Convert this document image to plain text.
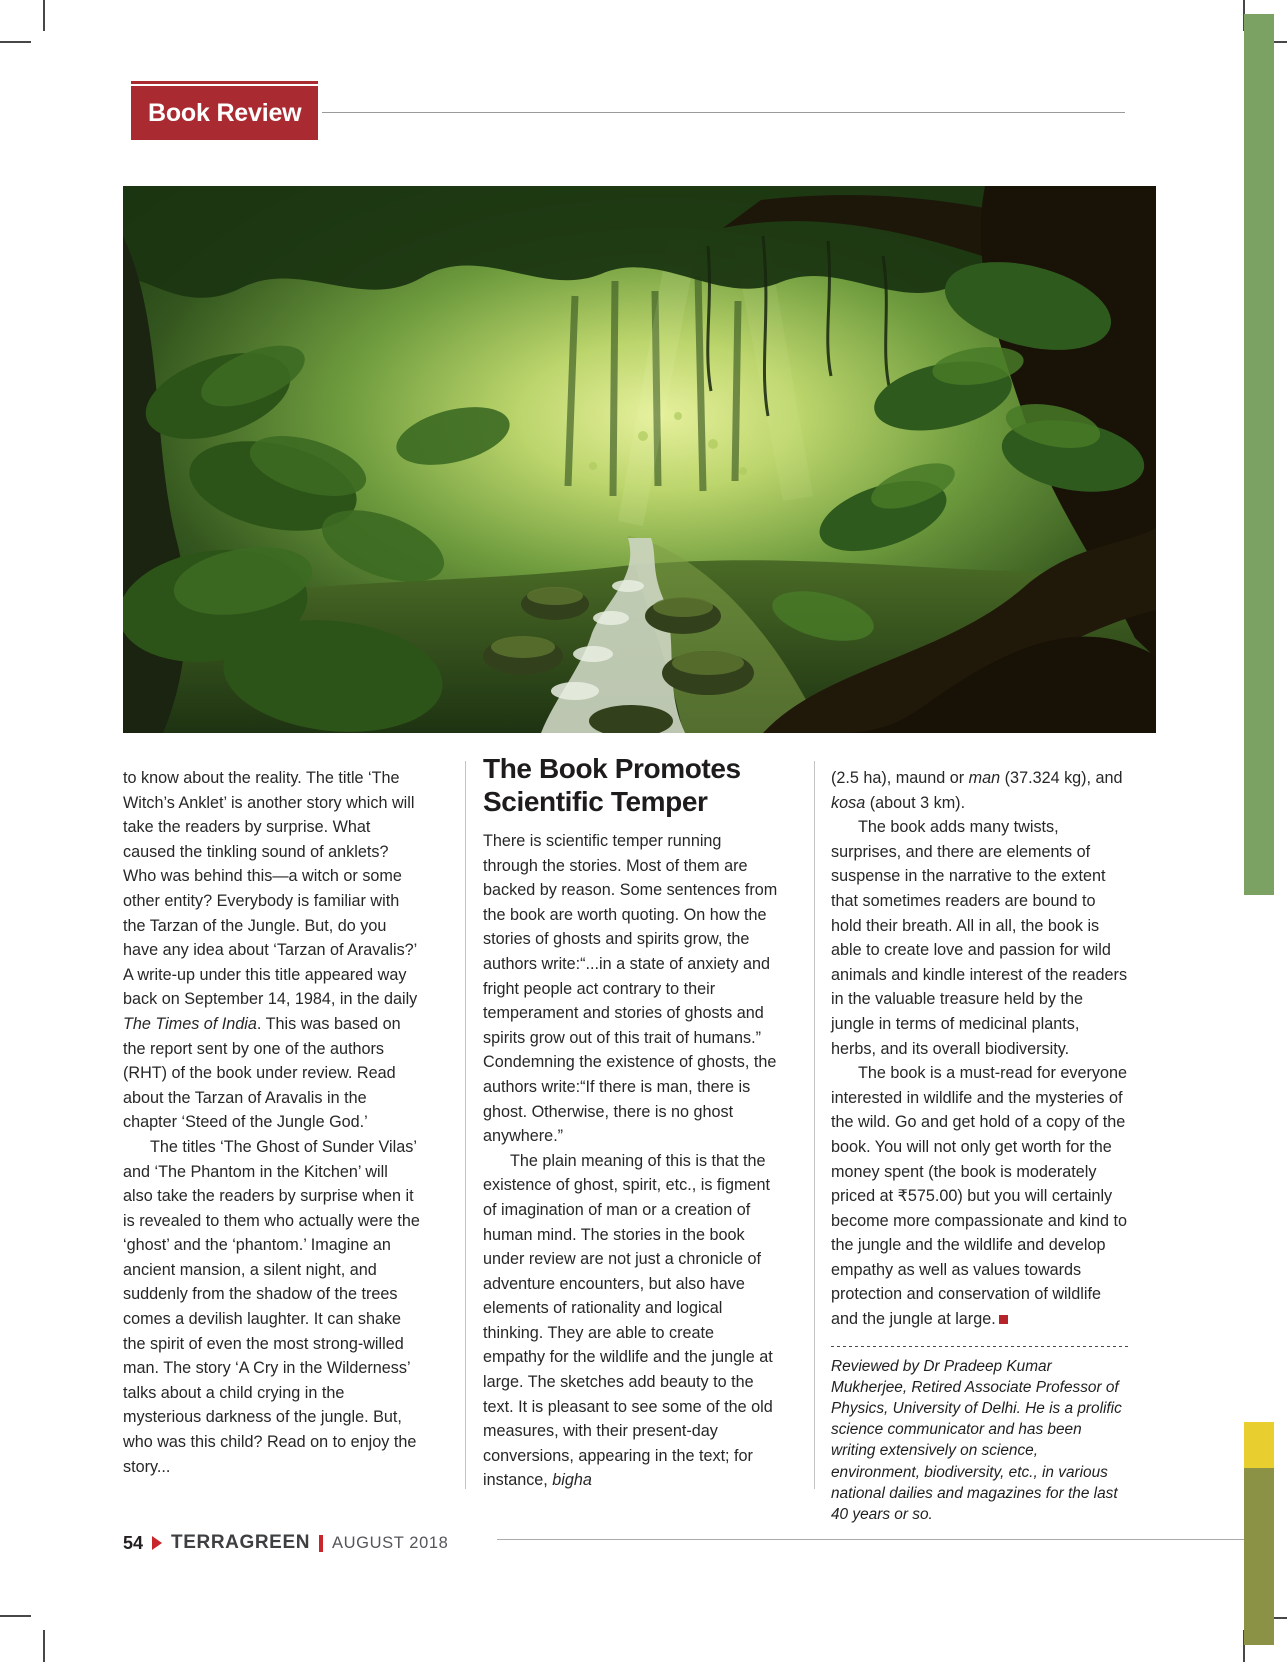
Book Review

to know about the reality. The title ‘The Witch’s Anklet’ is another story which will take the readers by surprise. What caused the tinkling sound of anklets? Who was behind this—a witch or some other entity? Everybody is familiar with the Tarzan of the Jungle. But, do you have any idea about ‘Tarzan of Aravalis?’ A write-up under this title appeared way back on September 14, 1984, in the daily The Times of India. This was based on the report sent by one of the authors (RHT) of the book under review. Read about the Tarzan of Aravalis in the chapter ‘Steed of the Jungle God.’

The titles ‘The Ghost of Sunder Vilas’ and ‘The Phantom in the Kitchen’ will also take the readers by surprise when it is revealed to them who actually were the ‘ghost’ and the ‘phantom.’ Imagine an ancient mansion, a silent night, and suddenly from the shadow of the trees comes a devilish laughter. It can shake the spirit of even the most strong-willed man. The story ‘A Cry in the Wilderness’ talks about a child crying in the mysterious darkness of the jungle. But, who was this child? Read on to enjoy the story...

The Book Promotes Scientific Temper

There is scientific temper running through the stories. Most of them are backed by reason. Some sentences from the book are worth quoting. On how the stories of ghosts and spirits grow, the authors write:“...in a state of anxiety and fright people act contrary to their temperament and stories of ghosts and spirits grow out of this trait of humans.” Condemning the existence of ghosts, the authors write:“If there is man, there is ghost. Otherwise, there is no ghost anywhere.”

The plain meaning of this is that the existence of ghost, spirit, etc., is figment of imagination of man or a creation of human mind. The stories in the book under review are not just a chronicle of adventure encounters, but also have elements of rationality and logical thinking. They are able to create empathy for the wildlife and the jungle at large. The sketches add beauty to the text. It is pleasant to see some of the old measures, with their present-day conversions, appearing in the text; for instance, bigha

(2.5 ha), maund or man (37.324 kg), and kosa (about 3 km).

The book adds many twists, surprises, and there are elements of suspense in the narrative to the extent that sometimes readers are bound to hold their breath. All in all, the book is able to create love and passion for wild animals and kindle interest of the readers in the valuable treasure held by the jungle in terms of medicinal plants, herbs, and its overall biodiversity.

The book is a must-read for everyone interested in wildlife and the mysteries of the wild. Go and get hold of a copy of the book. You will not only get worth for the money spent (the book is moderately priced at ₹575.00) but you will certainly become more compassionate and kind to the jungle and the wildlife and develop empathy as well as values towards protection and conservation of wildlife and the jungle at large.

Reviewed by Dr Pradeep Kumar Mukherjee, Retired Associate Professor of Physics, University of Delhi. He is a prolific science communicator and has been writing extensively on science, environment, biodiversity, etc., in various national dailies and magazines for the last 40 years or so.

54 TERRAGREEN AUGUST 2018
